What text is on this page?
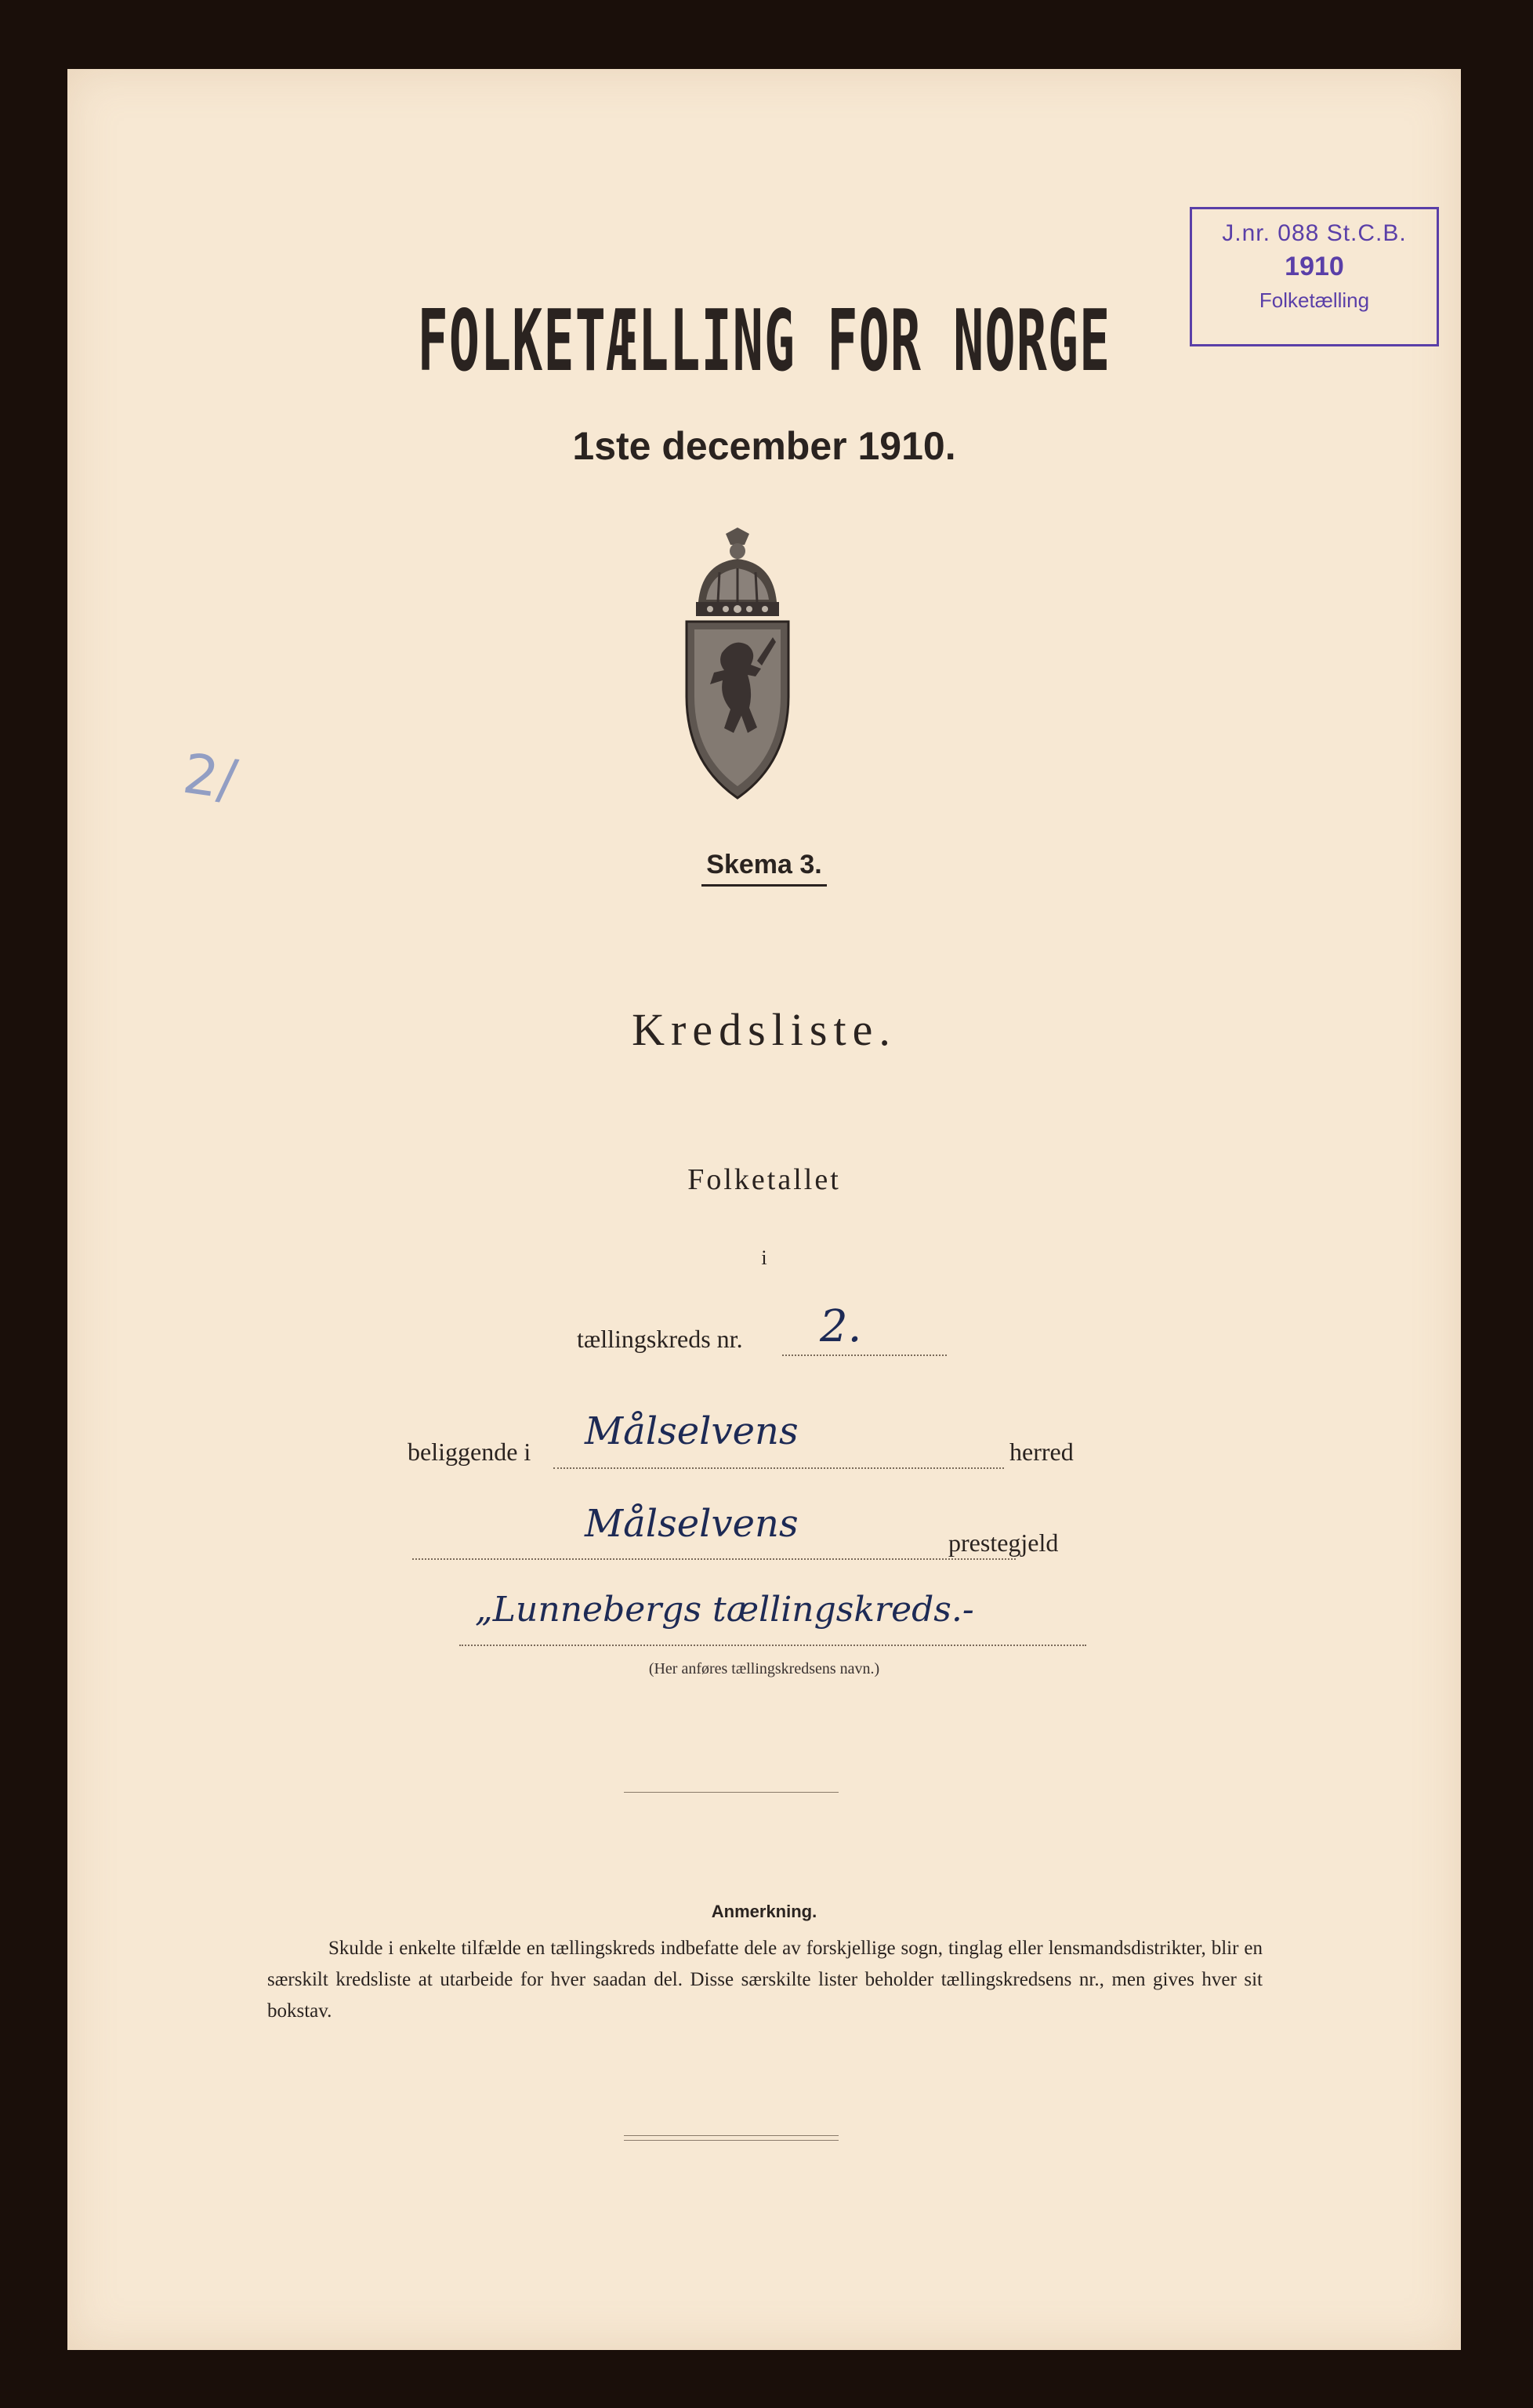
2/
J.nr. 088 St.C.B.
1910
Folketælling
FOLKETÆLLING FOR NORGE
1ste december 1910.
Skema 3.
Kredsliste.
Folketallet
i
tællingskreds nr. 2.
beliggende i Målselvens	herred
Målselvens	prestegjeld
„Lunnebergs tællingskreds.-
(Her anføres tællingskredsens navn.)
Anmerkning.
Skulde i enkelte tilfælde en tællingskreds indbefatte dele av forskjellige sogn, tinglag eller lensmandsdistrikter, blir en særskilt kredsliste at utarbeide for hver saadan del. Disse særskilte lister beholder tællingskredsens nr., men gives hver sit bokstav.
